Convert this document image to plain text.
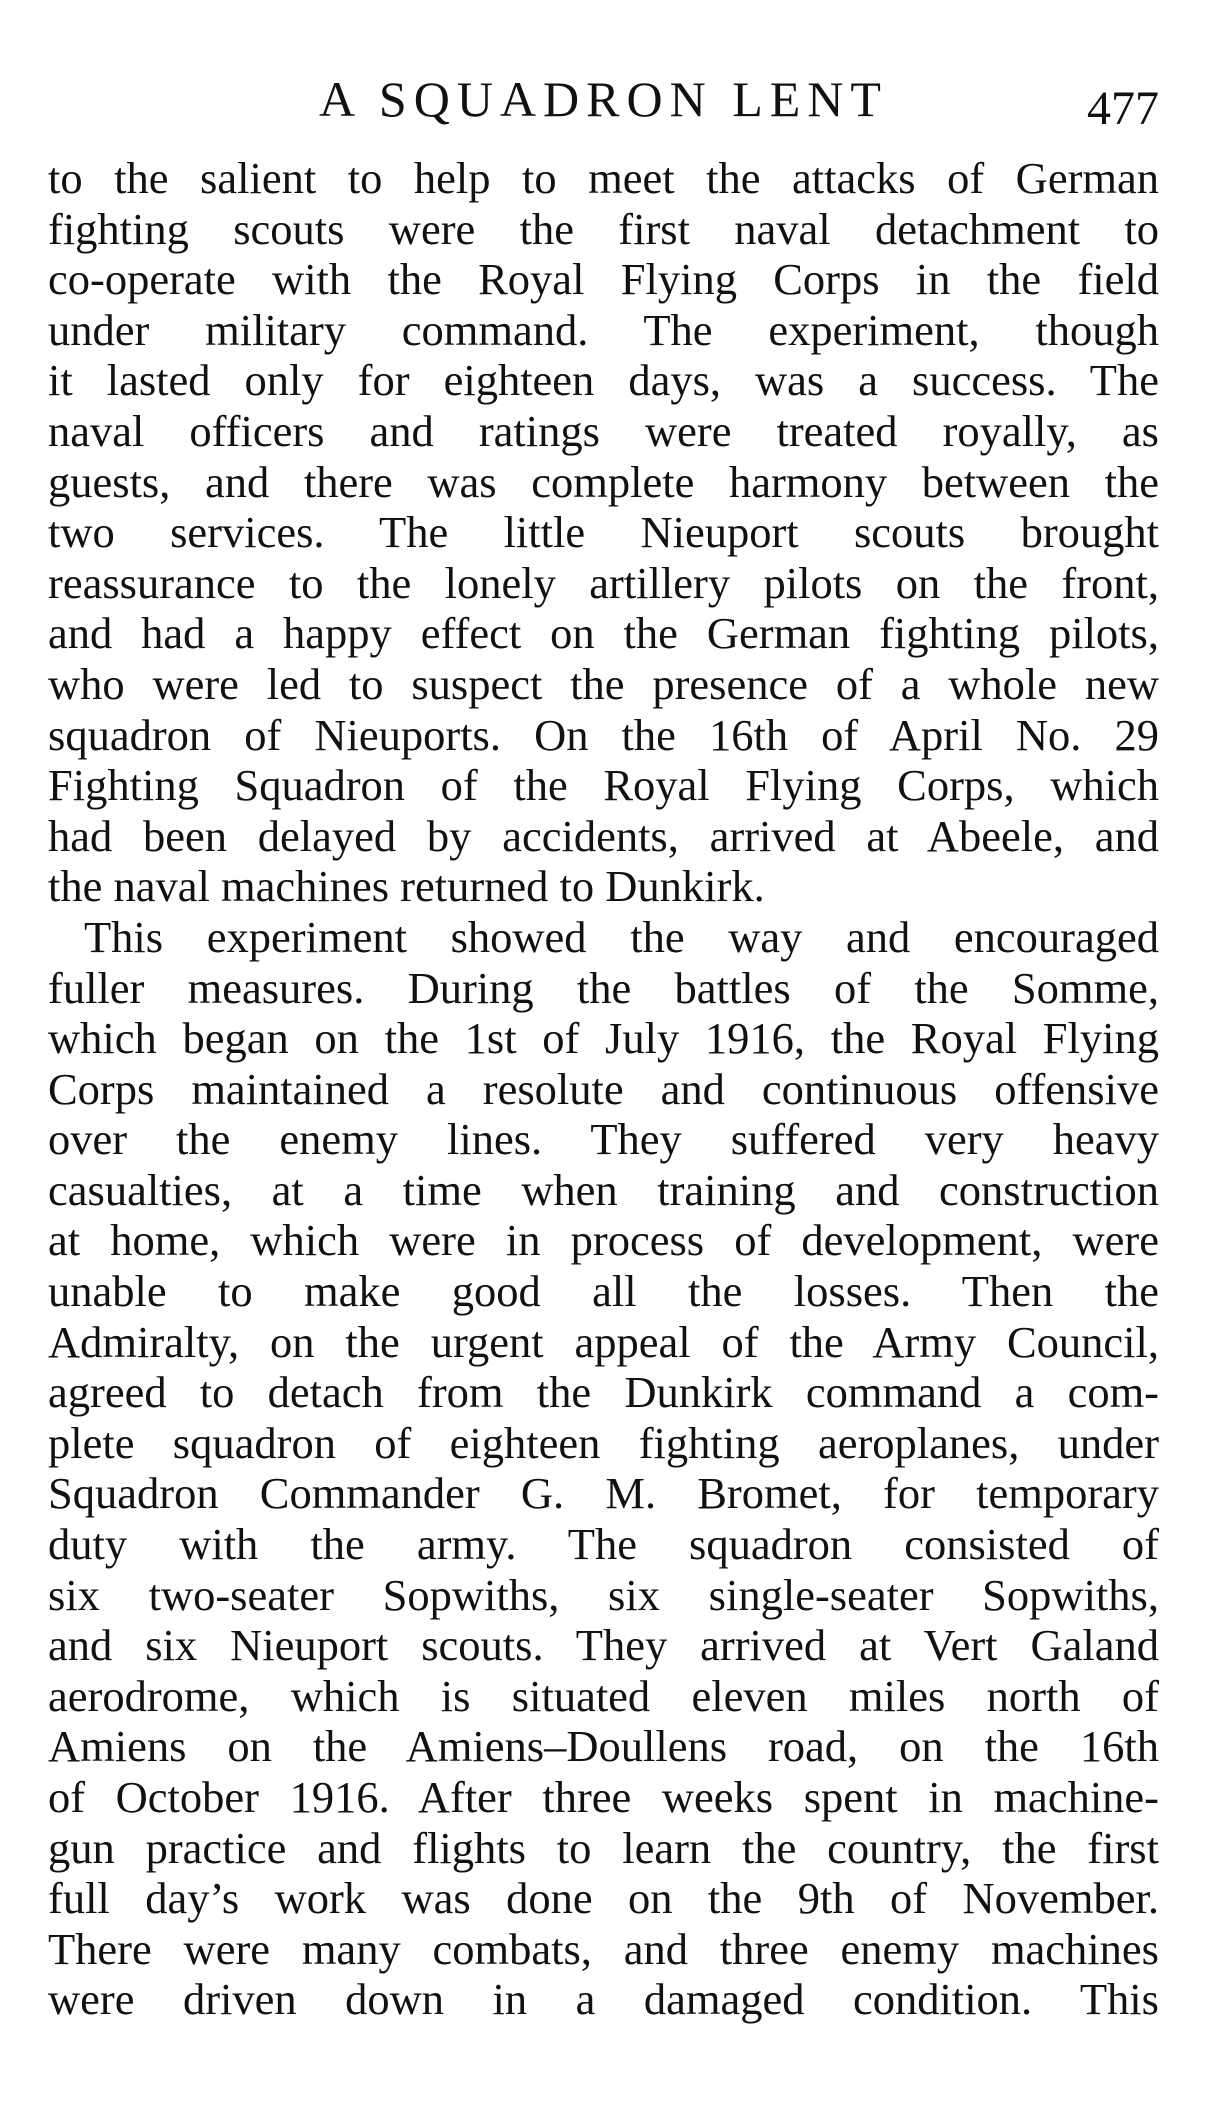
A SQUADRON LENT	477
to the salient to help to meet the attacks of German
fighting scouts were the first naval detachment to
co-operate with the Royal Flying Corps in the field
under military command. The experiment, though
it lasted only for eighteen days, was a success. The
naval officers and ratings were treated royally, as
guests, and there was complete harmony between the
two services. The little Nieuport scouts brought
reassurance to the lonely artillery pilots on the front,
and had a happy effect on the German fighting pilots,
who were led to suspect the presence of a whole new
squadron of Nieuports. On the 16th of April No. 29
Fighting Squadron of the Royal Flying Corps, which
had been delayed by accidents, arrived at Abeele, and
the naval machines returned to Dunkirk.
This experiment showed the way and encouraged
fuller measures. During the battles of the Somme,
which began on the 1st of July 1916, the Royal Flying
Corps maintained a resolute and continuous offensive
over the enemy lines. They suffered very heavy
casualties, at a time when training and construction
at home, which were in process of development, were
unable to make good all the losses. Then the
Admiralty, on the urgent appeal of the Army Council,
agreed to detach from the Dunkirk command a com-
plete squadron of eighteen fighting aeroplanes, under
Squadron Commander G. M. Bromet, for temporary
duty with the army. The squadron consisted of
six two-seater Sopwiths, six single-seater Sopwiths,
and six Nieuport scouts. They arrived at Vert Galand
aerodrome, which is situated eleven miles north of
Amiens on the Amiens–Doullens road, on the 16th
of October 1916. After three weeks spent in machine-
gun practice and flights to learn the country, the first
full day’s work was done on the 9th of November.
There were many combats, and three enemy machines
were driven down in a damaged condition. This
